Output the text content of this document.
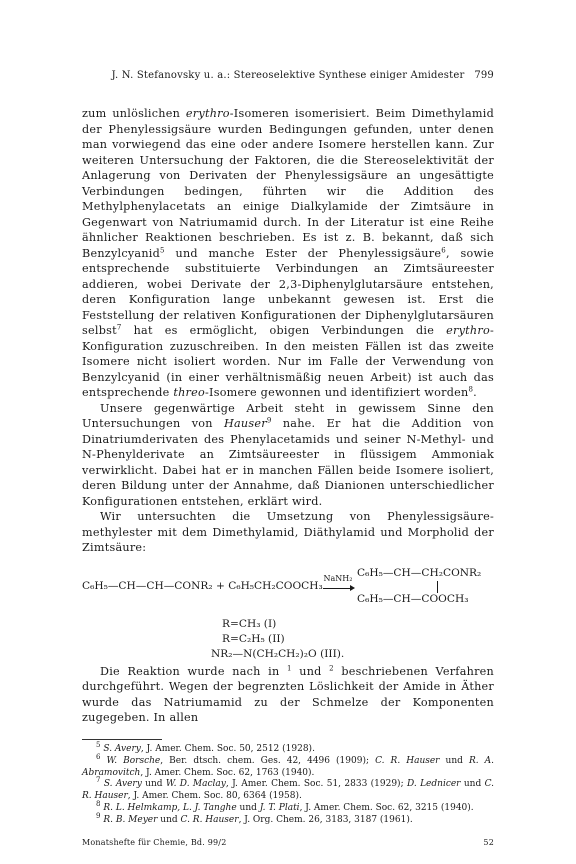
J. N. Stefanovsky u. a.: Stereoselektive Synthese einiger Amidester 799

zum unlöslichen erythro-Isomeren isomerisiert. Beim Dimethylamid der Phenylessigsäure wurden Bedingungen gefunden, unter denen man vorwiegend das eine oder andere Isomere herstellen kann. Zur weiteren Untersuchung der Faktoren, die die Stereoselektivität der Anlagerung von Derivaten der Phenylessigsäure an ungesättigte Verbindungen bedingen, führten wir die Addition des Methylphenylacetats an einige Dialkylamide der Zimtsäure in Gegenwart von Natriumamid durch. In der Literatur ist eine Reihe ähnlicher Reaktionen beschrieben. Es ist z. B. bekannt, daß sich Benzylcyanid$^5$ und manche Ester der Phenylessigsäure$^6$, sowie entsprechende substituierte Verbindungen an Zimtsäureester addieren, wobei Derivate der 2,3-Diphenylglutarsäure entstehen, deren Konfiguration lange unbekannt gewesen ist. Erst die Feststellung der relativen Konfigurationen der Diphenylglutarsäuren selbst$^7$ hat es ermöglicht, obigen Verbindungen die erythro-Konfiguration zuzuschreiben. In den meisten Fällen ist das zweite Isomere nicht isoliert worden. Nur im Falle der Verwendung von Benzylcyanid (in einer verhältnismäßig neuen Arbeit) ist auch das entsprechende threo-Isomere gewonnen und identifiziert worden$^8$.

Unsere gegenwärtige Arbeit steht in gewissem Sinne den Untersuchungen von Hauser$^9$ nahe. Er hat die Addition von Dinatriumderivaten des Phenylacetamids und seiner N-Methyl- und N-Phenylderivate an Zimtsäureester in flüssigem Ammoniak verwirklicht. Dabei hat er in manchen Fällen beide Isomere isoliert, deren Bildung unter der Annahme, daß Dianionen unterschiedlicher Konfigurationen entstehen, erklärt wird.

Wir untersuchten die Umsetzung von Phenylessigsäure-methylester mit dem Dimethylamid, Diäthylamid und Morpholid der Zimtsäure:

C₆H₅—CH—CH—CONR₂ + C₆H₅CH₂COOCH₃
NaNH₂ C₆H₅—CH—CH₂CONR₂
C₆H₅—CH—COOCH₃
R=CH₃ (I)
R=C₂H₅ (II)
NR₂—N(CH₂CH₂)₂O (III).

Die Reaktion wurde nach in $^1$ und $^2$ beschriebenen Verfahren durchgeführt. Wegen der begrenzten Löslichkeit der Amide in Äther wurde das Natriumamid zu der Schmelze der Komponenten zugegeben. In allen

$^5$ S. Avery, J. Amer. Chem. Soc. 50, 2512 (1928).

$^6$ W. Borsche, Ber. dtsch. chem. Ges. 42, 4496 (1909); C. R. Hauser und R. A. Abramovitch, J. Amer. Chem. Soc. 62, 1763 (1940).

$^7$ S. Avery und W. D. Maclay, J. Amer. Chem. Soc. 51, 2833 (1929); D. Lednicer und C. R. Hauser, J. Amer. Chem. Soc. 80, 6364 (1958).

$^8$ R. L. Helmkamp, L. J. Tanghe und J. T. Plati, J. Amer. Chem. Soc. 62, 3215 (1940).

$^9$ R. B. Meyer und C. R. Hauser, J. Org. Chem. 26, 3183, 3187 (1961).

Monatshefte für Chemie, Bd. 99/2	52
